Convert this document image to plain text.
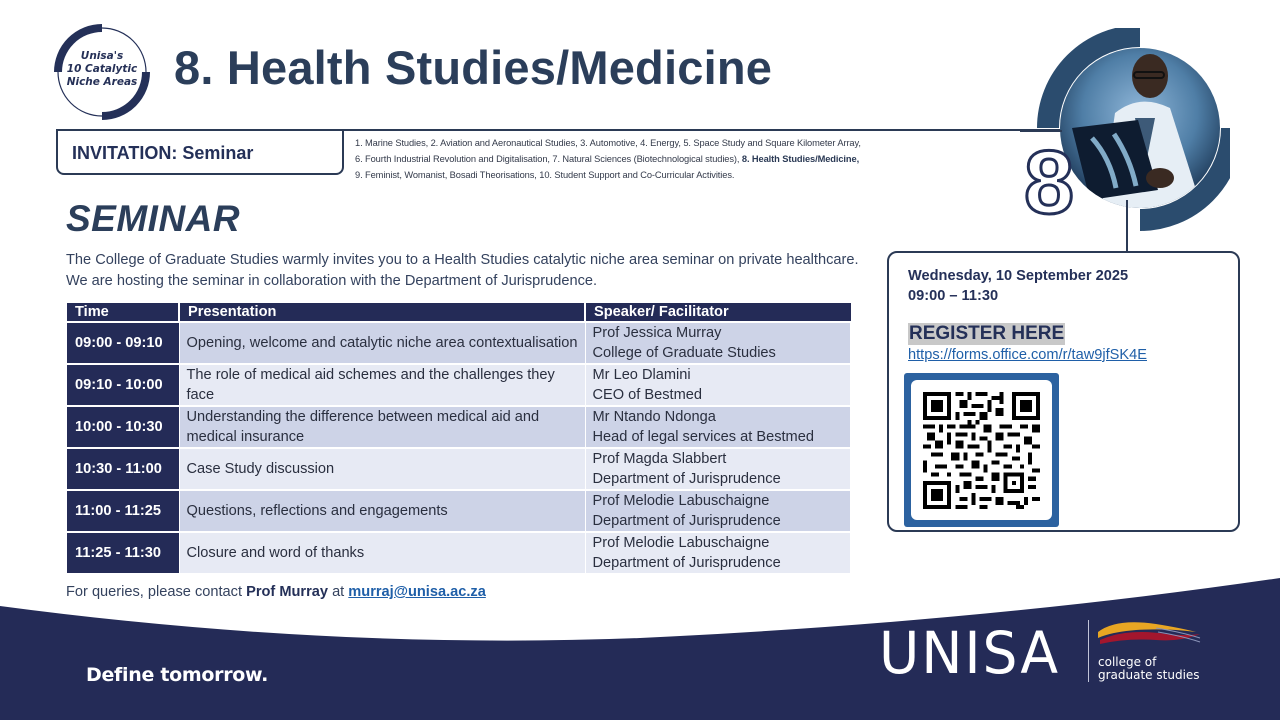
Unisa's
10 Catalytic
Niche Areas 8. Health Studies/Medicine
INVITATION: Seminar	1. Marine Studies, 2. Aviation and Aeronautical Studies, 3. Automotive, 4. Energy, 5. Space Study and Square Kilometer Array,
6. Fourth Industrial Revolution and Digitalisation, 7. Natural Sciences (Biotechnological studies), 8. Health Studies/Medicine,
9. Feminist, Womanist, Bosadi Theorisations, 10. Student Support and Co-Curricular Activities.	8
SEMINAR
The College of Graduate Studies warmly invites you to a Health Studies catalytic niche area seminar on private healthcare. We are hosting the seminar in collaboration with the Department of Jurisprudence.
Time	Presentation	Speaker/ Facilitator
09:00 - 09:10	Opening, welcome and catalytic niche area contextualisation	Prof Jessica Murray
College of Graduate Studies

09:10 - 10:00	The role of medical aid schemes and the challenges they face	Mr Leo Dlamini
CEO of Bestmed

10:00 - 10:30	Understanding the difference between medical aid and medical insurance	Mr Ntando Ndonga
Head of legal services at Bestmed

10:30 - 11:00	Case Study discussion	Prof Magda Slabbert
Department of Jurisprudence

11:00 - 11:25	Questions, reflections and engagements	Prof Melodie Labuschaigne
Department of Jurisprudence

11:25 - 11:30	Closure and word of thanks	Prof Melodie Labuschaigne
Department of Jurisprudence
Wednesday, 10 September 2025
09:00 – 11:30
REGISTER HERE
https://forms.office.com/r/taw9jfSK4E
For queries, please contact Prof Murray at murraj@unisa.ac.za
Define tomorrow.	UNISA	college of
graduate studies
